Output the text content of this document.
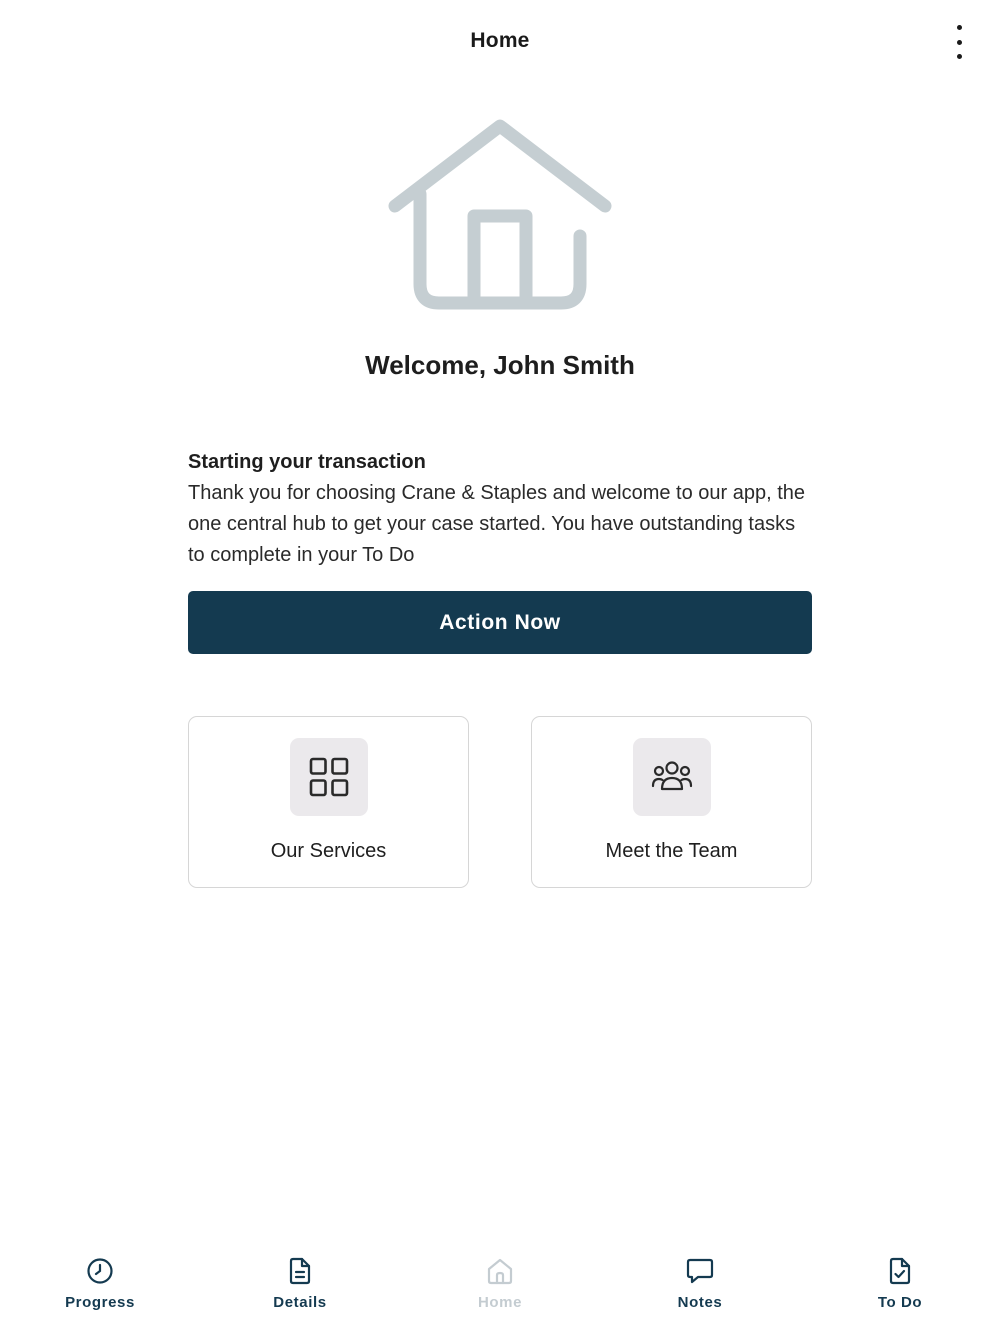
Home
Welcome, John Smith
Starting your transaction
Thank you for choosing Crane & Staples and welcome to our app, the one central hub to get your case started. You have outstanding tasks to complete in your To Do
Action Now
Our Services	Meet the Team
Progress	Details	Home	Notes	To Do
